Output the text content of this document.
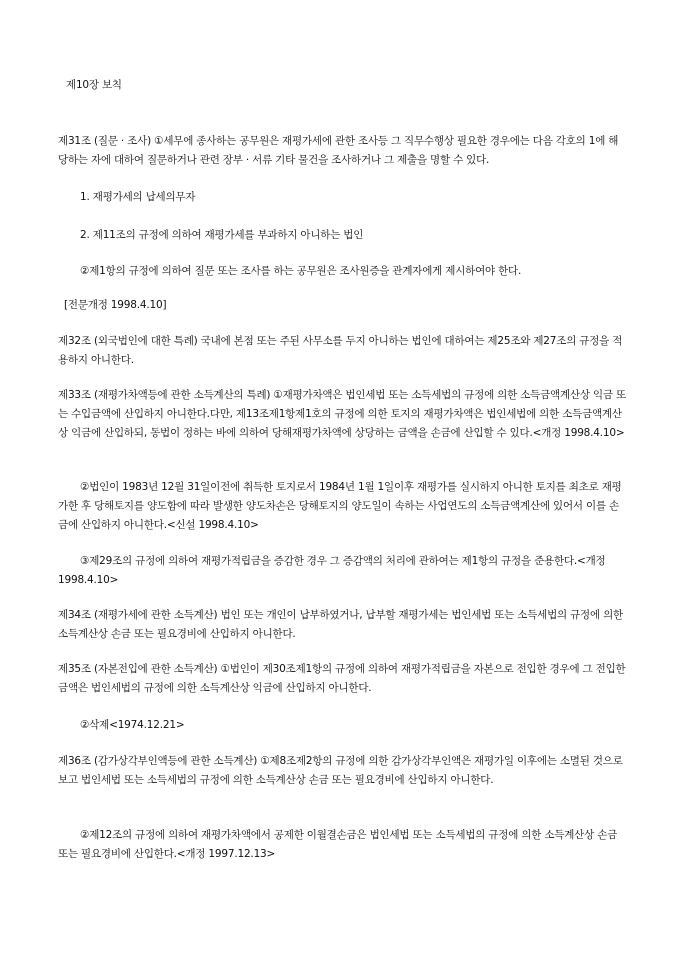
제10장 보칙

제31조 (질문 · 조사) ①세무에 종사하는 공무원은 재평가세에 관한 조사등 그 직무수행상 필요한 경우에는 다음 각호의 1에 해당하는 자에 대하여 질문하거나 관련 장부 · 서류 기타 물건을 조사하거나 그 제출을 명할 수 있다.

1. 재평가세의 납세의무자

2. 제11조의 규정에 의하여 재평가세를 부과하지 아니하는 법인

②제1항의 규정에 의하여 질문 또는 조사를 하는 공무원은 조사원증을 관계자에게 제시하여야 한다.

[전문개정 1998.4.10]

제32조 (외국법인에 대한 특례) 국내에 본점 또는 주된 사무소를 두지 아니하는 법인에 대하여는 제25조와 제27조의 규정을 적용하지 아니한다.

제33조 (재평가차액등에 관한 소득계산의 특례) ①재평가차액은 법인세법 또는 소득세법의 규정에 의한 소득금액계산상 익금 또는 수입금액에 산입하지 아니한다.다만, 제13조제1항제1호의 규정에 의한 토지의 재평가차액은 법인세법에 의한 소득금액계산상 익금에 산입하되, 동법이 정하는 바에 의하여 당해재평가차액에 상당하는 금액을 손금에 산입할 수 있다.<개정 1998.4.10>

②법인이 1983년 12월 31일이전에 취득한 토지로서 1984년 1월 1일이후 재평가를 실시하지 아니한 토지를 최초로 재평가한 후 당해토지를 양도함에 따라 발생한 양도차손은 당해토지의 양도일이 속하는 사업연도의 소득금액계산에 있어서 이를 손금에 산입하지 아니한다.<신설 1998.4.10>

③제29조의 규정에 의하여 재평가적립금을 증감한 경우 그 증감액의 처리에 관하여는 제1항의 규정을 준용한다.<개정 1998.4.10>

제34조 (재평가세에 관한 소득계산) 법인 또는 개인이 납부하였거나, 납부할 재평가세는 법인세법 또는 소득세법의 규정에 의한 소득계산상 손금 또는 필요경비에 산입하지 아니한다.

제35조 (자본전입에 관한 소득계산) ①법인이 제30조제1항의 규정에 의하여 재평가적립금을 자본으로 전입한 경우에 그 전입한 금액은 법인세법의 규정에 의한 소득계산상 익금에 산입하지 아니한다.

②삭제<1974.12.21>

제36조 (감가상각부인액등에 관한 소득계산) ①제8조제2항의 규정에 의한 감가상각부인액은 재평가일 이후에는 소멸된 것으로 보고 법인세법 또는 소득세법의 규정에 의한 소득계산상 손금 또는 필요경비에 산입하지 아니한다.

②제12조의 규정에 의하여 재평가차액에서 공제한 이월결손금은 법인세법 또는 소득세법의 규정에 의한 소득계산상 손금 또는 필요경비에 산입한다.<개정 1997.12.13>
